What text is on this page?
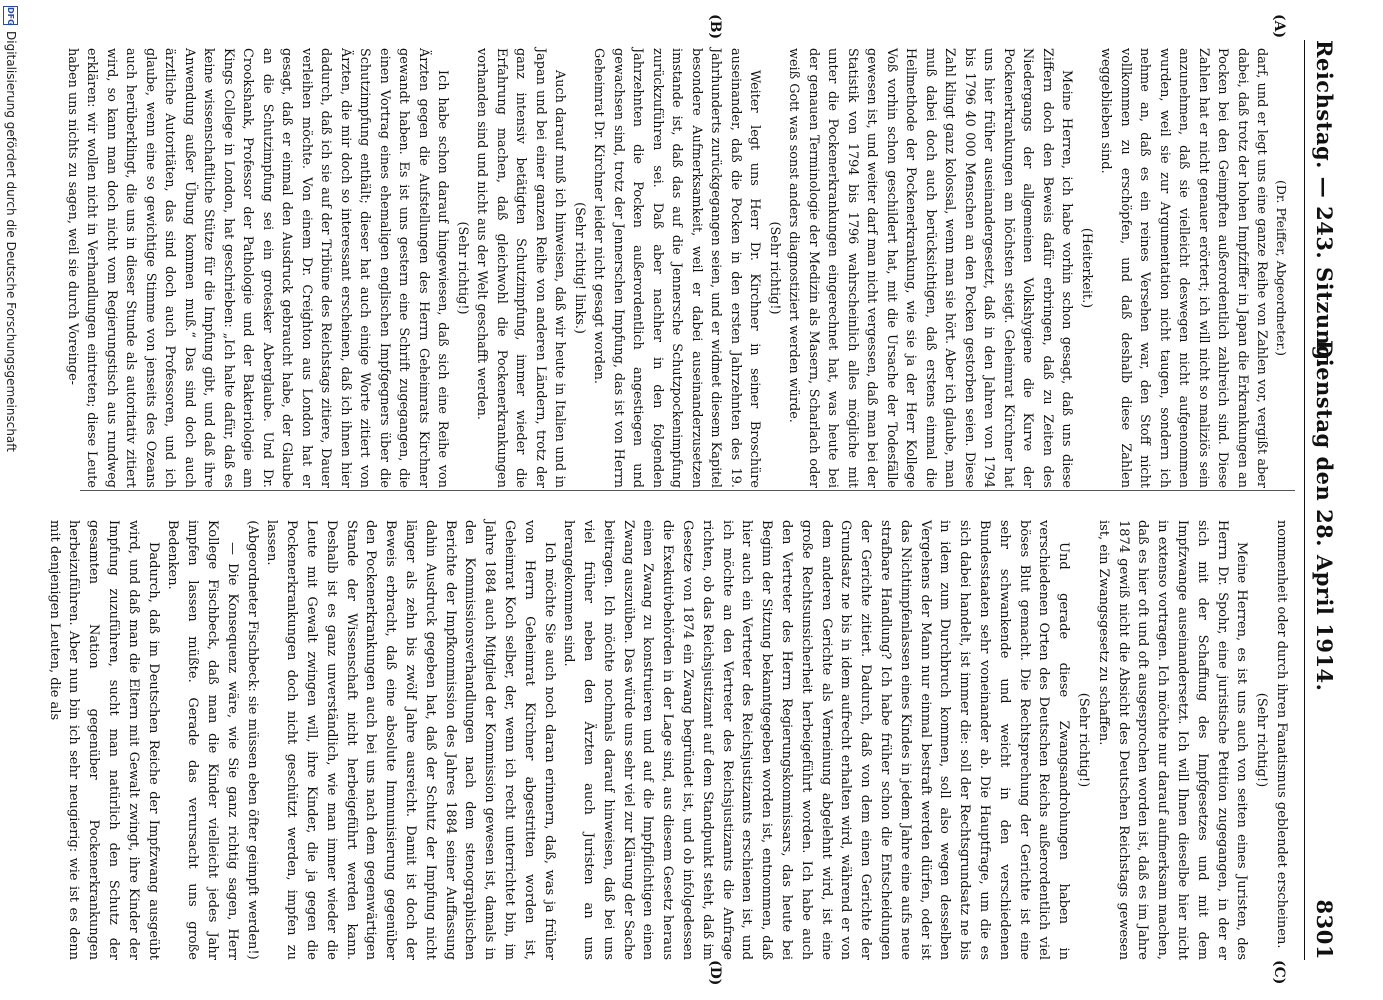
Reichstag. — 243. Sitzung.
Dienstag den 28. April 1914.
8301
(A)
(B)
(C)
(D)

(Dr. Pfeiffer, Abgeordneter.)

darf, und er legt uns eine ganze Reihe von Zahlen vor, vergißt aber dabei, daß trotz der hohen Impfziffer in Japan die Erkrankungen an Pocken bei den Geimpften außerordentlich zahlreich sind. Diese Zahlen hat er nicht genauer erörtert; ich will nicht so maliziös sein anzunehmen, daß sie vielleicht deswegen nicht aufgenommen wurden, weil sie zur Argumentation nicht taugen, sondern ich nehme an, daß es ein reines Versehen war, den Stoff nicht vollkommen zu erschöpfen, und daß deshalb diese Zahlen weggeblieben sind.

(Heiterkeit.)

Meine Herren, ich habe vorhin schon gesagt, daß uns diese Ziffern doch den Beweis dafür erbringen, daß zu Zeiten des Niedergangs der allgemeinen Volkshygiene die Kurve der Pockenerkrankungen am höchsten steigt. Geheimrat Kirchner hat uns hier früher auseinandergesetzt, daß in den Jahren von 1794 bis 1796 40 000 Menschen an den Pocken gestorben seien. Diese Zahl klingt ganz kolossal, wenn man sie hört. Aber ich glaube, man muß dabei doch auch berücksichtigen, daß erstens einmal die Heilmethode der Pockenerkrankung, wie sie ja der Herr Kollege Voß vorhin schon geschildert hat, mit die Ursache der Todesfälle gewesen ist, und weiter darf man nicht vergessen, daß man bei der Statistik von 1794 bis 1796 wahrscheinlich alles mögliche mit unter die Pockenerkrankungen eingerechnet hat, was heute bei der genauen Terminologie der Medizin als Masern, Scharlach oder weiß Gott was sonst anders diagnostiziert werden würde.

(Sehr richtig!)

Weiter legt uns Herr Dr. Kirchner in seiner Broschüre auseinander, daß die Pocken in den ersten Jahrzehnten des 19. Jahrhunderts zurückgegangen seien, und er widmet diesem Kapitel besondere Aufmerksamkeit, weil er dabei auseinanderzusetzen imstande ist, daß das auf die Jennersche Schutzpockenimpfung zurückzuführen sei. Daß aber nachher in den folgenden Jahrzehnten die Pocken außerordentlich angestiegen und gewachsen sind, trotz der Jennerschen Impfung, das ist von Herrn Geheimrat Dr. Kirchner leider nicht gesagt worden.

(Sehr richtig! links.)

Auch darauf muß ich hinweisen, daß wir heute in Italien und in Japan und bei einer ganzen Reihe von anderen Ländern, trotz der ganz intensiv betätigten Schutzimpfung, immer wieder die Erfahrung machen, daß gleichwohl die Pockenerkrankungen vorhanden sind und nicht aus der Welt geschafft werden.

(Sehr richtig!)

Ich habe schon darauf hingewiesen, daß sich eine Reihe von Ärzten gegen die Aufstellungen des Herrn Geheimrats Kirchner gewandt haben. Es ist uns gestern eine Schrift zugegangen, die einen Vortrag eines ehemaligen englischen Impfgegners über die Schutzimpfung enthält; dieser hat auch einige Worte zitiert von Ärzten, die mir doch so interessant erscheinen, daß ich ihnen hier dadurch, daß ich sie auf der Tribüne des Reichstags zitiere, Dauer verleihen möchte. Von einem Dr. Creighton aus London hat er gesagt, daß er einmal den Ausdruck gebraucht habe, der Glaube an die Schutzimpfung sei ein grotesker Aberglaube. Und Dr. Crookshank, Professor der Pathologie und der Bakteriologie am Kings College in London, hat geschrieben: „Ich halte dafür, daß es keine wissenschaftliche Stütze für die Impfung gibt, und daß ihre Anwendung außer Übung kommen muß.“ Das sind doch auch ärztliche Autoritäten, das sind doch auch Professoren, und ich glaube, wenn eine so gewichtige Stimme von jenseits des Ozeans auch herüberklingt, die uns in dieser Stunde als autoritativ zitiert wird, so kann man doch nicht vom Regierungstisch aus rundweg erklären: wir wollen nicht in Verhandlungen eintreten; diese Leute haben uns nichts zu sagen, weil sie durch Voreinge-

nommenheit oder durch ihren Fanatismus geblendet erscheinen.

(Sehr richtig!)

Meine Herren, es ist uns auch von seiten eines Juristen, des Herrn Dr. Spohr, eine juristische Petition zugegangen, in der er sich mit der Schaffung des Impfgesetzes und mit dem Impfzwange auseinandersetzt. Ich will Ihnen dieselbe hier nicht in extenso vortragen. Ich möchte nur darauf aufmerksam machen, daß es hier oft und oft ausgesprochen worden ist, daß es im Jahre 1874 gewiß nicht die Absicht des Deutschen Reichstags gewesen ist, ein Zwangsgesetz zu schaffen.

(Sehr richtig!)

Und gerade diese Zwangsandrohungen haben in verschiedenen Orten des Deutschen Reichs außerordentlich viel böses Blut gemacht. Die Rechtsprechung der Gerichte ist eine sehr schwankende und weicht in den verschiedenen Bundesstaaten sehr voneinander ab. Die Hauptfrage, um die es sich dabei handelt, ist immer die: soll der Rechtsgrundsatz ne bis in idem zum Durchbruch kommen, soll also wegen desselben Vergehens der Mann nur einmal bestraft werden dürfen, oder ist das Nichtimpfenlassen eines Kindes in jedem Jahre eine aufs neue strafbare Handlung? Ich habe früher schon die Entscheidungen der Gerichte zitiert. Dadurch, daß von dem einen Gerichte der Grundsatz ne bis in idem aufrecht erhalten wird, während er von dem anderen Gerichte als Verneinung abgelehnt wird, ist eine große Rechtsunsicherheit herbeigeführt worden. Ich habe auch den Vertreter des Herrn Regierungskommissars, das heute bei Beginn der Sitzung bekanntgegeben worden ist, entnommen, daß hier auch ein Vertreter des Reichsjustizamts erschienen ist, und ich möchte an den Vertreter des Reichsjustizamts die Anfrage richten, ob das Reichsjustizamt auf dem Standpunkt steht, daß im Gesetze von 1874 ein Zwang begründet ist, und ob infolgedessen die Exekutivbehörden in der Lage sind, aus diesem Gesetz heraus einen Zwang zu konstruieren und auf die Impfpflichtigen einen Zwang auszuüben. Das würde uns sehr viel zur Klärung der Sache beitragen. Ich möchte nochmals darauf hinweisen, daß bei uns viel früher neben den Ärzten auch Juristen an uns herangekommen sind.

Ich möchte Sie auch noch daran erinnern, daß, was ja früher von Herrn Geheimrat Kirchner abgestritten worden ist, Geheimrat Koch selber, der, wenn ich recht unterrichtet bin, im Jahre 1884 auch Mitglied der Kommission gewesen ist, damals in den Kommissionsverhandlungen nach dem stenographischen Berichte der Impfkommission des Jahres 1884 seiner Auffassung dahin Ausdruck gegeben hat, daß der Schutz der Impfung nicht länger als zehn bis zwölf Jahre ausreicht. Damit ist doch der Beweis erbracht, daß eine absolute Immunisierung gegenüber den Pockenerkrankungen auch bei uns nach dem gegenwärtigen Stande der Wissenschaft nicht herbeigeführt werden kann. Deshalb ist es ganz unverständlich, wie man immer wieder die Leute mit Gewalt zwingen will, ihre Kinder, die ja gegen die Pockenerkrankungen doch nicht geschützt werden, impfen zu lassen.

(Abgeordneter Fischbeck: sie müssen eben öfter geimpft werden!)

— Die Konsequenz wäre, wie Sie ganz richtig sagen, Herr Kollege Fischbeck, daß man die Kinder vielleicht jedes Jahr impfen lassen müßte. Gerade das verursacht uns große Bedenken.

Dadurch, daß im Deutschen Reiche der Impfzwang ausgeübt wird, und daß man die Eltern mit Gewalt zwingt, ihre Kinder der Impfung zuzuführen, sucht man natürlich den Schutz der gesamten Nation gegenüber Pockenerkrankungen herbeizuführen. Aber nun bin ich sehr neugierig: wie ist es denn mit denjenigen Leuten, die als

DFG
Digitalisierung gefördert durch die Deutsche Forschungsgemeinschaft
